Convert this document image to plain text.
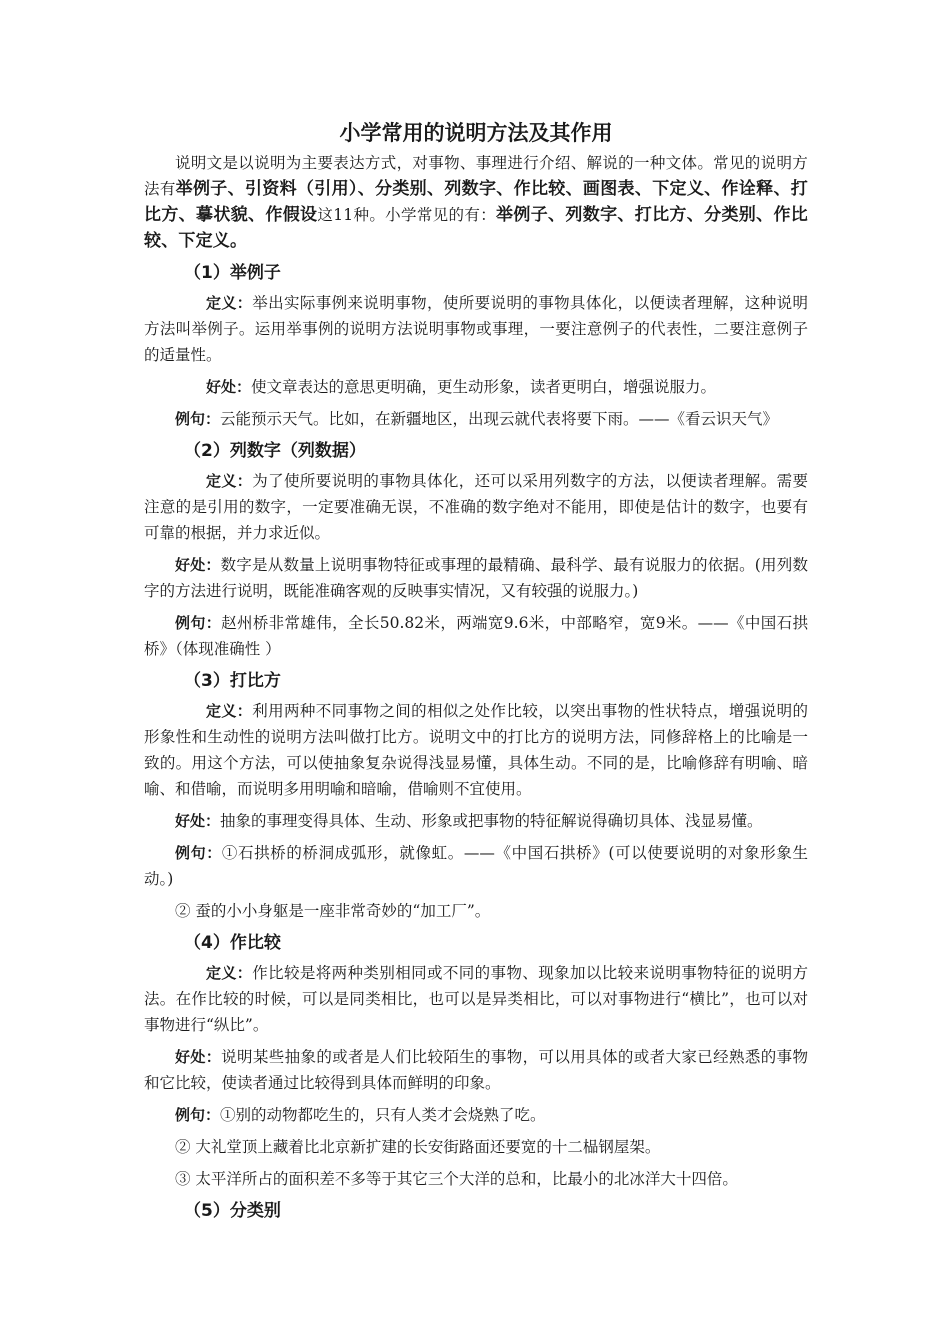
小学常用的说明方法及其作用

说明文是以说明为主要表达方式，对事物、事理进行介绍、解说的一种文体。常见的说明方法有举例子、引资料（引用）、分类别、列数字、作比较、画图表、下定义、作诠释、打比方、摹状貌、作假设这11种。小学常见的有：举例子、列数字、打比方、分类别、作比较、下定义。

（1）举例子

定义：举出实际事例来说明事物，使所要说明的事物具体化，以便读者理解，这种说明方法叫举例子。运用举事例的说明方法说明事物或事理，一要注意例子的代表性，二要注意例子的适量性。

好处：使文章表达的意思更明确，更生动形象，读者更明白，增强说服力。

例句：云能预示天气。比如，在新疆地区，出现云就代表将要下雨。——《看云识天气》

（2）列数字（列数据）

定义：为了使所要说明的事物具体化，还可以采用列数字的方法，以便读者理解。需要注意的是引用的数字，一定要准确无误，不准确的数字绝对不能用，即使是估计的数字，也要有可靠的根据，并力求近似。

好处：数字是从数量上说明事物特征或事理的最精确、最科学、最有说服力的依据。(用列数字的方法进行说明，既能准确客观的反映事实情况，又有较强的说服力。)

例句：赵州桥非常雄伟，全长50.82米，两端宽9.6米，中部略窄，宽9米。——《中国石拱桥》（体现准确性 ）

（3）打比方

定义：利用两种不同事物之间的相似之处作比较，以突出事物的性状特点，增强说明的形象性和生动性的说明方法叫做打比方。说明文中的打比方的说明方法，同修辞格上的比喻是一致的。用这个方法，可以使抽象复杂说得浅显易懂，具体生动。不同的是，比喻修辞有明喻、暗喻、和借喻，而说明多用明喻和暗喻，借喻则不宜使用。

好处：抽象的事理变得具体、生动、形象或把事物的特征解说得确切具体、浅显易懂。

例句：①石拱桥的桥洞成弧形，就像虹。——《中国石拱桥》(可以使要说明的对象形象生动。)

② 蚕的小小身躯是一座非常奇妙的“加工厂”。

（4）作比较

定义：作比较是将两种类别相同或不同的事物、现象加以比较来说明事物特征的说明方法。在作比较的时候，可以是同类相比，也可以是异类相比，可以对事物进行“横比”，也可以对事物进行“纵比”。

好处：说明某些抽象的或者是人们比较陌生的事物，可以用具体的或者大家已经熟悉的事物和它比较，使读者通过比较得到具体而鲜明的印象。

例句：①别的动物都吃生的，只有人类才会烧熟了吃。

② 大礼堂顶上藏着比北京新扩建的长安街路面还要宽的十二榀钢屋架。

③ 太平洋所占的面积差不多等于其它三个大洋的总和，比最小的北冰洋大十四倍。

（5）分类别
